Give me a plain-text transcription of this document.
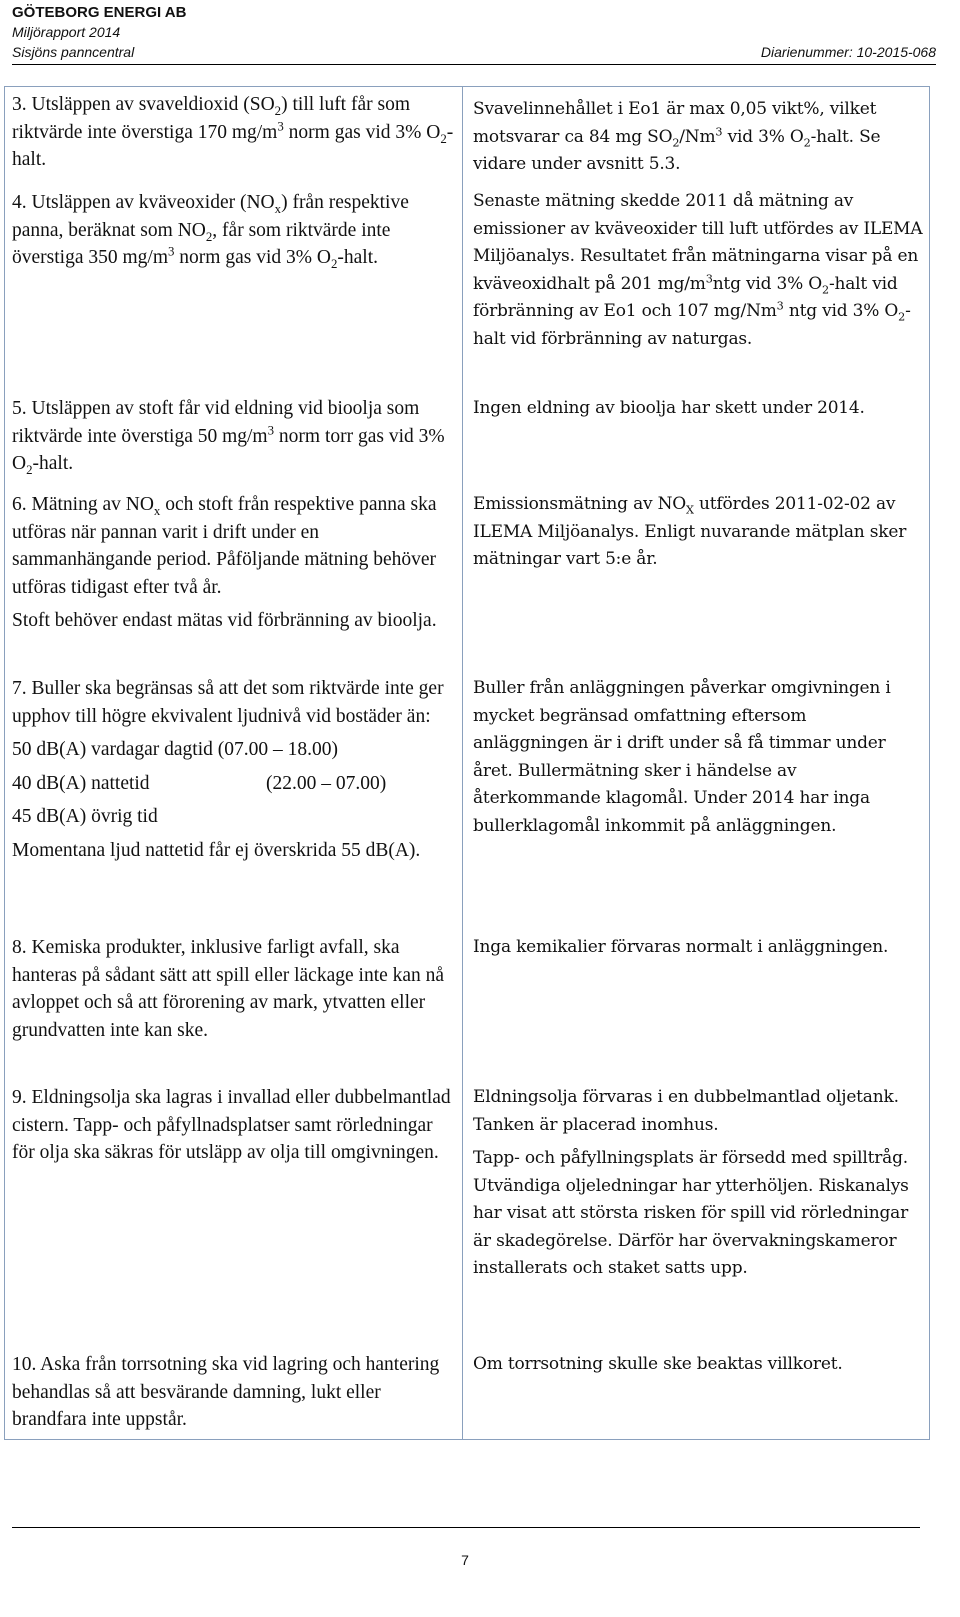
GÖTEBORG ENERGI AB
Miljörapport 2014
Sisjöns panncentral	Diarienummer: 10-2015-068

3. Utsläppen av svaveldioxid $(SO_2)$ till luft får som riktvärde inte överstiga 170 $mg/m^3$ norm gas vid 3% $O_2$-halt.

4. Utsläppen av kväveoxider $(NO_x)$ från respektive panna, beräknat som $NO_2$, får som riktvärde inte överstiga 350 $mg/m^3$ norm gas vid 3% $O_2$-halt.

5. Utsläppen av stoft får vid eldning vid bioolja som riktvärde inte överstiga 50 $mg/m^3$ norm torr gas vid 3% $O_2$-halt.

6. Mätning av $NO_x$ och stoft från respektive panna ska utföras när pannan varit i drift under en sammanhängande period. Påföljande mätning behöver utföras tidigast efter två år.

Stoft behöver endast mätas vid förbränning av bioolja.

7. Buller ska begränsas så att det som riktvärde inte ger upphov till högre ekvivalent ljudnivå vid bostäder än:

50 dB(A) vardagar dagtid (07.00 – 18.00)

40 dB(A) nattetid	(22.00 – 07.00)

45 dB(A) övrig tid

Momentana ljud nattetid får ej överskrida 55 dB(A).

8. Kemiska produkter, inklusive farligt avfall, ska hanteras på sådant sätt att spill eller läckage inte kan nå avloppet och så att förorening av mark, ytvatten eller grundvatten inte kan ske.

9. Eldningsolja ska lagras i invallad eller dubbelmantlad cistern. Tapp- och påfyllnadsplatser samt rörledningar för olja ska säkras för utsläpp av olja till omgivningen.

10. Aska från torrsotning ska vid lagring och hantering behandlas så att besvärande damning, lukt eller brandfara inte uppstår.

Svavelinnehållet i Eo1 är max 0,05 vikt%, vilket motsvarar ca 84 mg $SO_2/Nm^3$ vid 3% $O_2$-halt. Se vidare under avsnitt 5.3.

Senaste mätning skedde 2011 då mätning av emissioner av kväveoxider till luft utfördes av ILEMA Miljöanalys. Resultatet från mätningarna visar på en kväveoxidhalt på 201 $mg/m^3ntg$ vid 3% $O_2$-halt vid förbränning av Eo1 och 107 mg/Nm$^3$ ntg vid 3% $O_2$-halt vid förbränning av naturgas.

Ingen eldning av bioolja har skett under 2014.

Emissionsmätning av $NO_X$ utfördes 2011-02-02 av ILEMA Miljöanalys. Enligt nuvarande mätplan sker mätningar vart 5:e år.

Buller från anläggningen påverkar omgivningen i mycket begränsad omfattning eftersom anläggningen är i drift under så få timmar under året. Bullermätning sker i händelse av återkommande klagomål. Under 2014 har inga bullerklagomål inkommit på anläggningen.

Inga kemikalier förvaras normalt i anläggningen.

Eldningsolja förvaras i en dubbelmantlad oljetank. Tanken är placerad inomhus.

Tapp- och påfyllningsplats är försedd med spilltråg. Utvändiga oljeledningar har ytterhöljen. Riskanalys har visat att största risken för spill vid rörledningar är skadegörelse. Därför har övervakningskameror installerats och staket satts upp.

Om torrsotning skulle ske beaktas villkoret.

7
